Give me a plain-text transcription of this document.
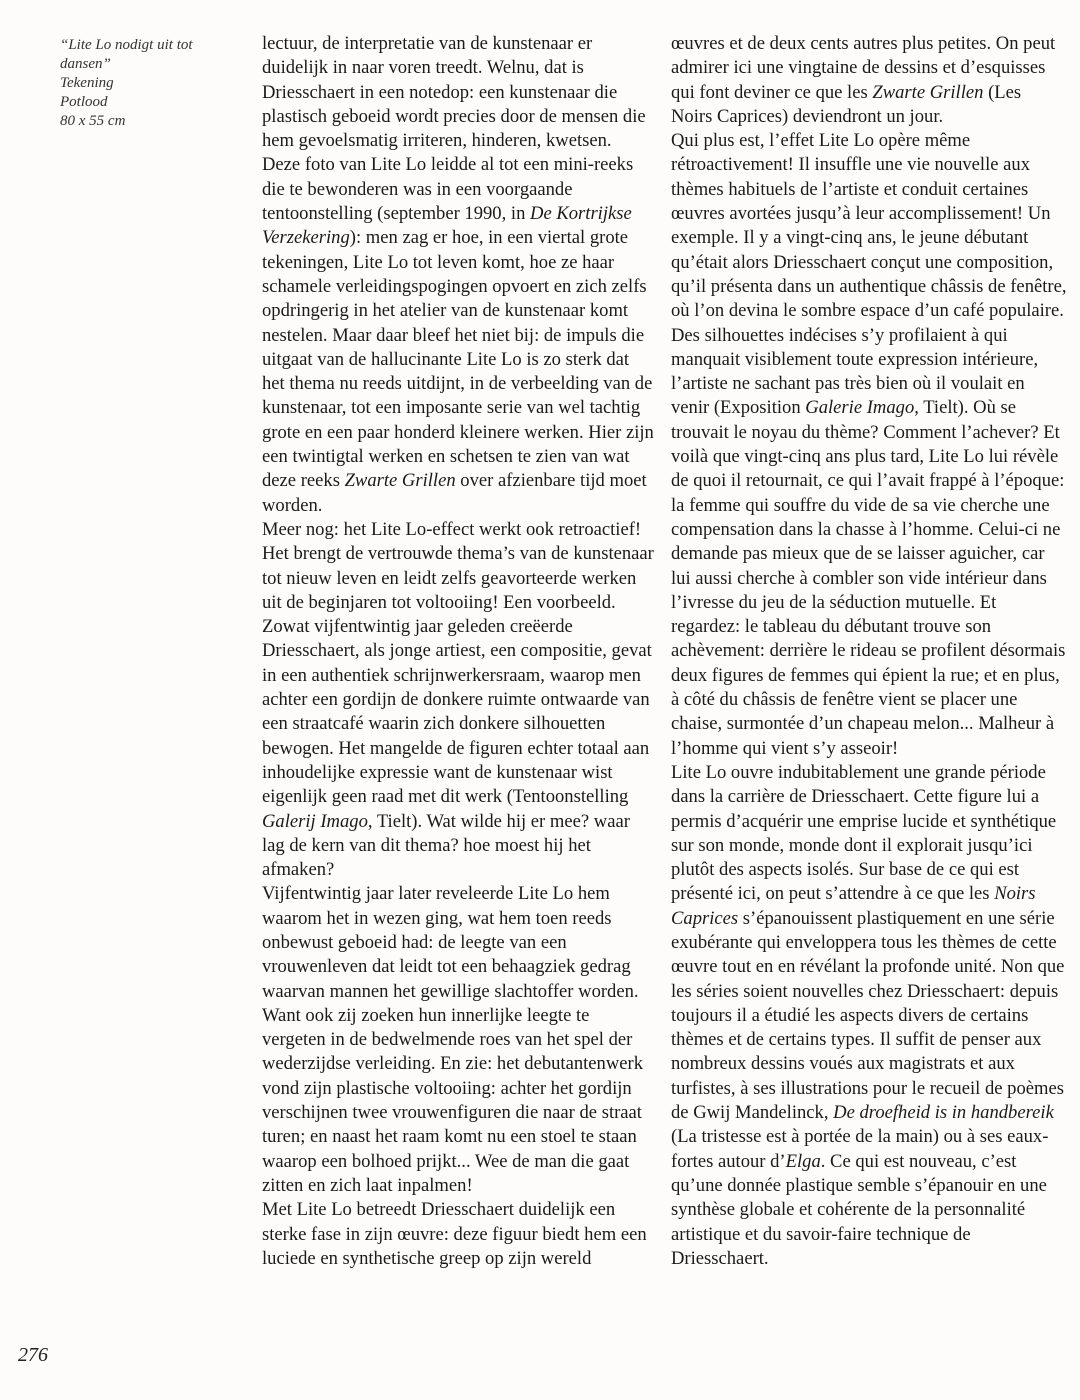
“Lite Lo nodigt uit tot

dansen”

Tekening

Potlood

80 x 55 cm

lectuur, de interpretatie van de kunstenaar er duidelijk in naar voren treedt. Welnu, dat is Driesschaert in een notedop: een kunstenaar die plastisch geboeid wordt precies door de mensen die hem gevoelsmatig irriteren, hinderen, kwetsen.

Deze foto van Lite Lo leidde al tot een mini-reeks die te bewonderen was in een voorgaande tentoonstelling (september 1990, in De Kortrijkse Verzekering): men zag er hoe, in een viertal grote tekeningen, Lite Lo tot leven komt, hoe ze haar schamele verleidingspogingen opvoert en zich zelfs opdringerig in het atelier van de kunstenaar komt nestelen. Maar daar bleef het niet bij: de impuls die uitgaat van de hallucinante Lite Lo is zo sterk dat het thema nu reeds uitdijnt, in de verbeelding van de kunstenaar, tot een imposante serie van wel tachtig grote en een paar honderd kleinere werken. Hier zijn een twintigtal werken en schetsen te zien van wat deze reeks Zwarte Grillen over afzienbare tijd moet worden.

Meer nog: het Lite Lo-effect werkt ook retroactief! Het brengt de vertrouwde thema’s van de kunstenaar tot nieuw leven en leidt zelfs geavorteerde werken uit de beginjaren tot voltooiing! Een voorbeeld. Zowat vijfentwintig jaar geleden creëerde Driesschaert, als jonge artiest, een compositie, gevat in een authentiek schrijnwerkersraam, waarop men achter een gordijn de donkere ruimte ontwaarde van een straatcafé waarin zich donkere silhouetten bewogen. Het mangelde de figuren echter totaal aan inhoudelijke expressie want de kunstenaar wist eigenlijk geen raad met dit werk (Tentoonstelling Galerij Imago, Tielt). Wat wilde hij er mee? waar lag de kern van dit thema? hoe moest hij het afmaken?

Vijfentwintig jaar later reveleerde Lite Lo hem waarom het in wezen ging, wat hem toen reeds onbewust geboeid had: de leegte van een vrouwenleven dat leidt tot een behaagziek gedrag waarvan mannen het gewillige slachtoffer worden. Want ook zij zoeken hun innerlijke leegte te vergeten in de bedwelmende roes van het spel der wederzijdse verleiding. En zie: het debutantenwerk vond zijn plastische voltooiing: achter het gordijn verschijnen twee vrouwenfiguren die naar de straat turen; en naast het raam komt nu een stoel te staan waarop een bolhoed prijkt... Wee de man die gaat zitten en zich laat inpalmen!

Met Lite Lo betreedt Driesschaert duidelijk een sterke fase in zijn œuvre: deze figuur biedt hem een luciede en synthetische greep op zijn wereld

œuvres et de deux cents autres plus petites. On peut admirer ici une vingtaine de dessins et d’esquisses qui font deviner ce que les Zwarte Grillen (Les Noirs Caprices) deviendront un jour.

Qui plus est, l’effet Lite Lo opère même rétroactivement! Il insuffle une vie nouvelle aux thèmes habituels de l’artiste et conduit certaines œuvres avortées jusqu’à leur accomplissement! Un exemple. Il y a vingt-cinq ans, le jeune débutant qu’était alors Driesschaert conçut une composition, qu’il présenta dans un authentique châssis de fenêtre, où l’on devina le sombre espace d’un café populaire. Des silhouettes indécises s’y profilaient à qui manquait visiblement toute expression intérieure, l’artiste ne sachant pas très bien où il voulait en venir (Exposition Galerie Imago, Tielt). Où se trouvait le noyau du thème? Comment l’achever? Et voilà que vingt-cinq ans plus tard, Lite Lo lui révèle de quoi il retournait, ce qui l’avait frappé à l’époque: la femme qui souffre du vide de sa vie cherche une compensation dans la chasse à l’homme. Celui-ci ne demande pas mieux que de se laisser aguicher, car lui aussi cherche à combler son vide intérieur dans l’ivresse du jeu de la séduction mutuelle. Et regardez: le tableau du débutant trouve son achèvement: derrière le rideau se profilent désormais deux figures de femmes qui épient la rue; et en plus, à côté du châssis de fenêtre vient se placer une chaise, surmontée d’un chapeau melon... Malheur à l’homme qui vient s’y asseoir!

Lite Lo ouvre indubitablement une grande période dans la carrière de Driesschaert. Cette figure lui a permis d’acquérir une emprise lucide et synthétique sur son monde, monde dont il explorait jusqu’ici plutôt des aspects isolés. Sur base de ce qui est présenté ici, on peut s’attendre à ce que les Noirs Caprices s’épanouissent plastiquement en une série exubérante qui enveloppera tous les thèmes de cette œuvre tout en en révélant la profonde unité. Non que les séries soient nouvelles chez Driesschaert: depuis toujours il a étudié les aspects divers de certains thèmes et de certains types. Il suffit de penser aux nombreux dessins voués aux magistrats et aux turfistes, à ses illustrations pour le recueil de poèmes de Gwij Mandelinck, De droefheid is in handbereik (La tristesse est à portée de la main) ou à ses eaux-fortes autour d’Elga. Ce qui est nouveau, c’est qu’une donnée plastique semble s’épanouir en une synthèse globale et cohérente de la personnalité artistique et du savoir-faire technique de Driesschaert.

276
